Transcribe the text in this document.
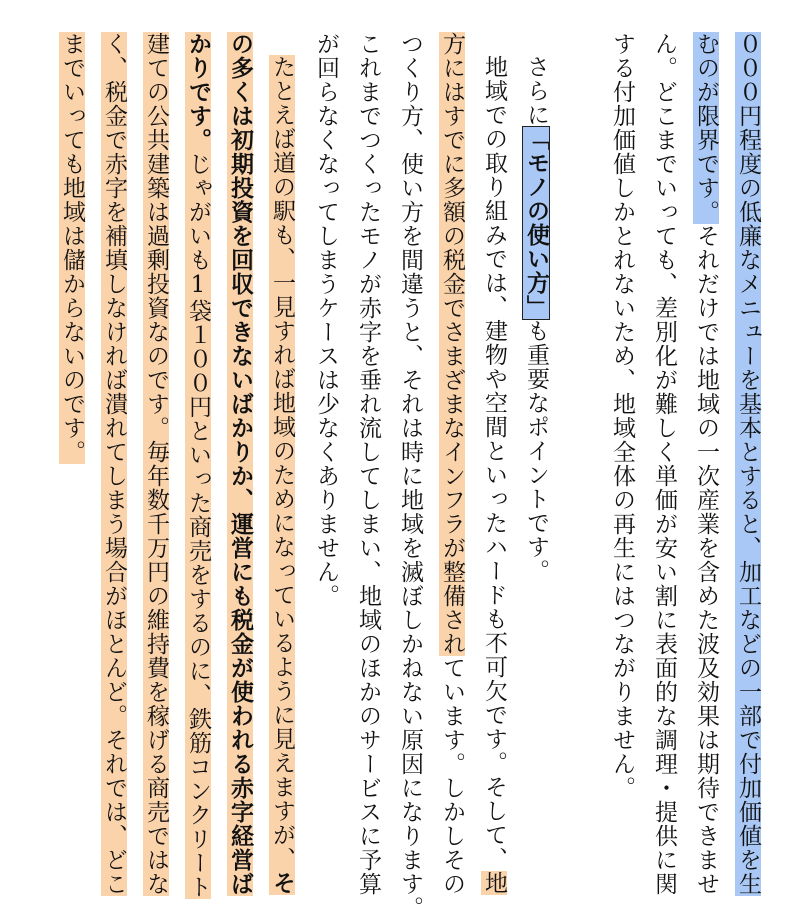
０００円程度の低廉なメニューを基本とすると、加工などの一部で付加価値を生
むのが限界です。それだけでは地域の一次産業を含めた波及効果は期待できませ
ん。どこまでいっても、差別化が難しく単価が安い割に表面的な調理・提供に関
する付加価値しかとれないため、地域全体の再生にはつながりません。
さらに「モノの使い方」も重要なポイントです。
地域での取り組みでは、建物や空間といったハードも不可欠です。そして、地
方にはすでに多額の税金でさまざまなインフラが整備されています。しかしその
つくり方、使い方を間違うと、それは時に地域を滅ぼしかねない原因になります。
これまでつくったモノが赤字を垂れ流してしまい、地域のほかのサービスに予算
が回らなくなってしまうケースは少なくありません。
たとえば道の駅も、一見すれば地域のためになっているように見えますが、そ
の多くは初期投資を回収できないばかりか、運営にも税金が使われる赤字経営ば
かりです。じゃがいも1袋１００円といった商売をするのに、鉄筋コンクリート
建ての公共建築は過剰投資なのです。毎年数千万円の維持費を稼げる商売ではな
く、税金で赤字を補填しなければ潰れてしまう場合がほとんど。それでは、どこ
までいっても地域は儲からないのです。
